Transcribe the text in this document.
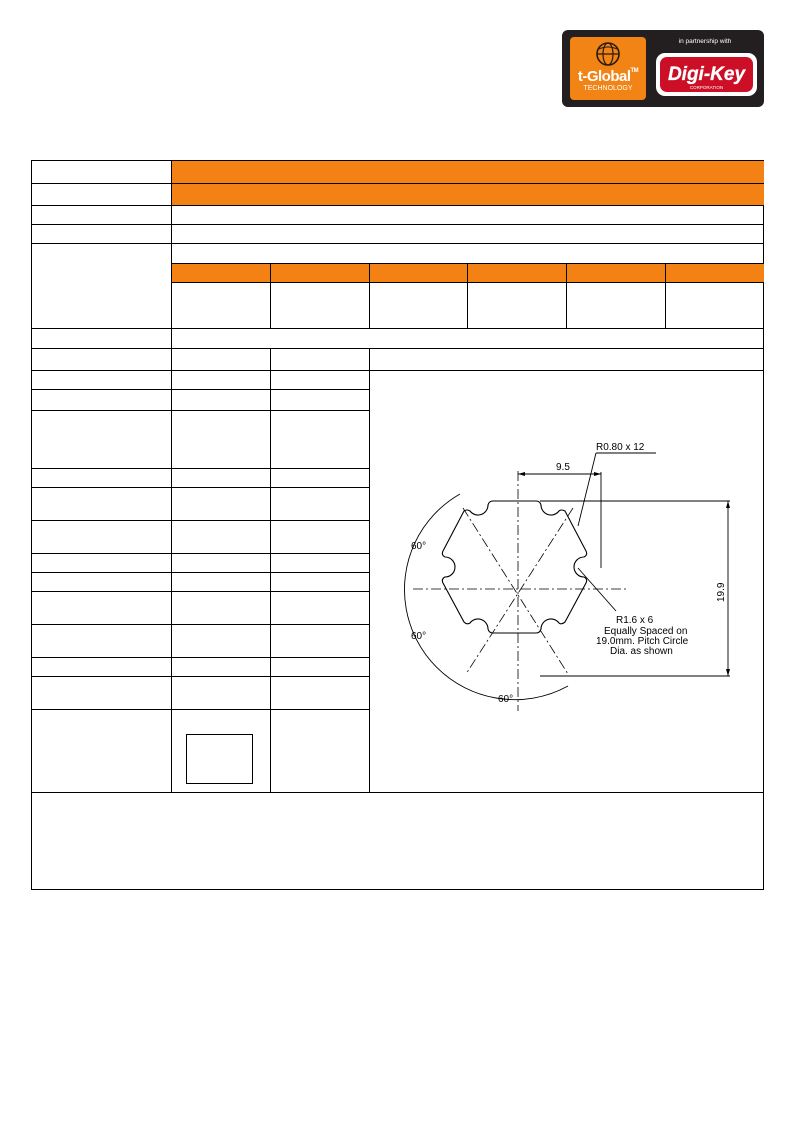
t-Global™
TECHNOLOGY
in partnership with
Digi-Key
CORPORATION
R0.80 x 12
9.5
19.9
60°
60°
60°
R1.6 x 6
Equally Spaced on
19.0mm. Pitch Circle
Dia. as shown
